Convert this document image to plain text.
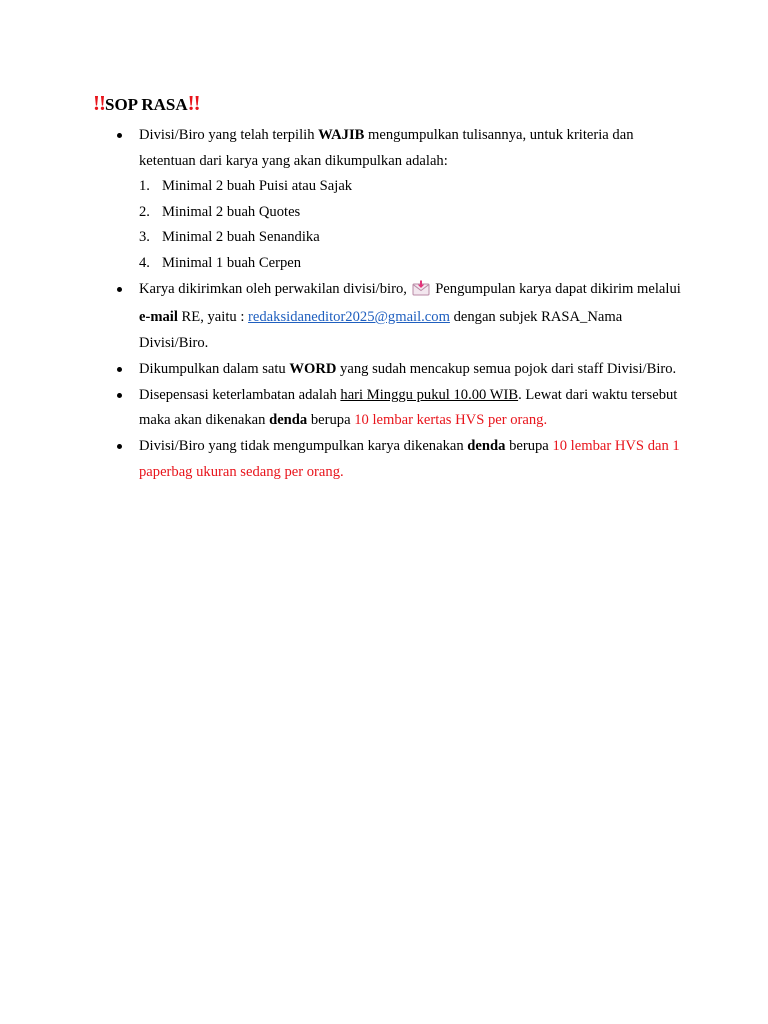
!!SOP RASA!!
Divisi/Biro yang telah terpilih WAJIB mengumpulkan tulisannya, untuk kriteria dan ketentuan dari karya yang akan dikumpulkan adalah:
1. Minimal 2 buah Puisi atau Sajak
2. Minimal 2 buah Quotes
3. Minimal 2 buah Senandika
4. Minimal 1 buah Cerpen
Karya dikirimkan oleh perwakilan divisi/biro,  Pengumpulan karya dapat dikirim melalui e-mail RE, yaitu : redaksidaneditor2025@gmail.com dengan subjek RASA_Nama Divisi/Biro.
Dikumpulkan dalam satu WORD yang sudah mencakup semua pojok dari staff Divisi/Biro.
Disepensasi keterlambatan adalah hari Minggu pukul 10.00 WIB. Lewat dari waktu tersebut maka akan dikenakan denda berupa 10 lembar kertas HVS per orang.
Divisi/Biro yang tidak mengumpulkan karya dikenakan denda berupa 10 lembar HVS dan 1 paperbag ukuran sedang per orang.
